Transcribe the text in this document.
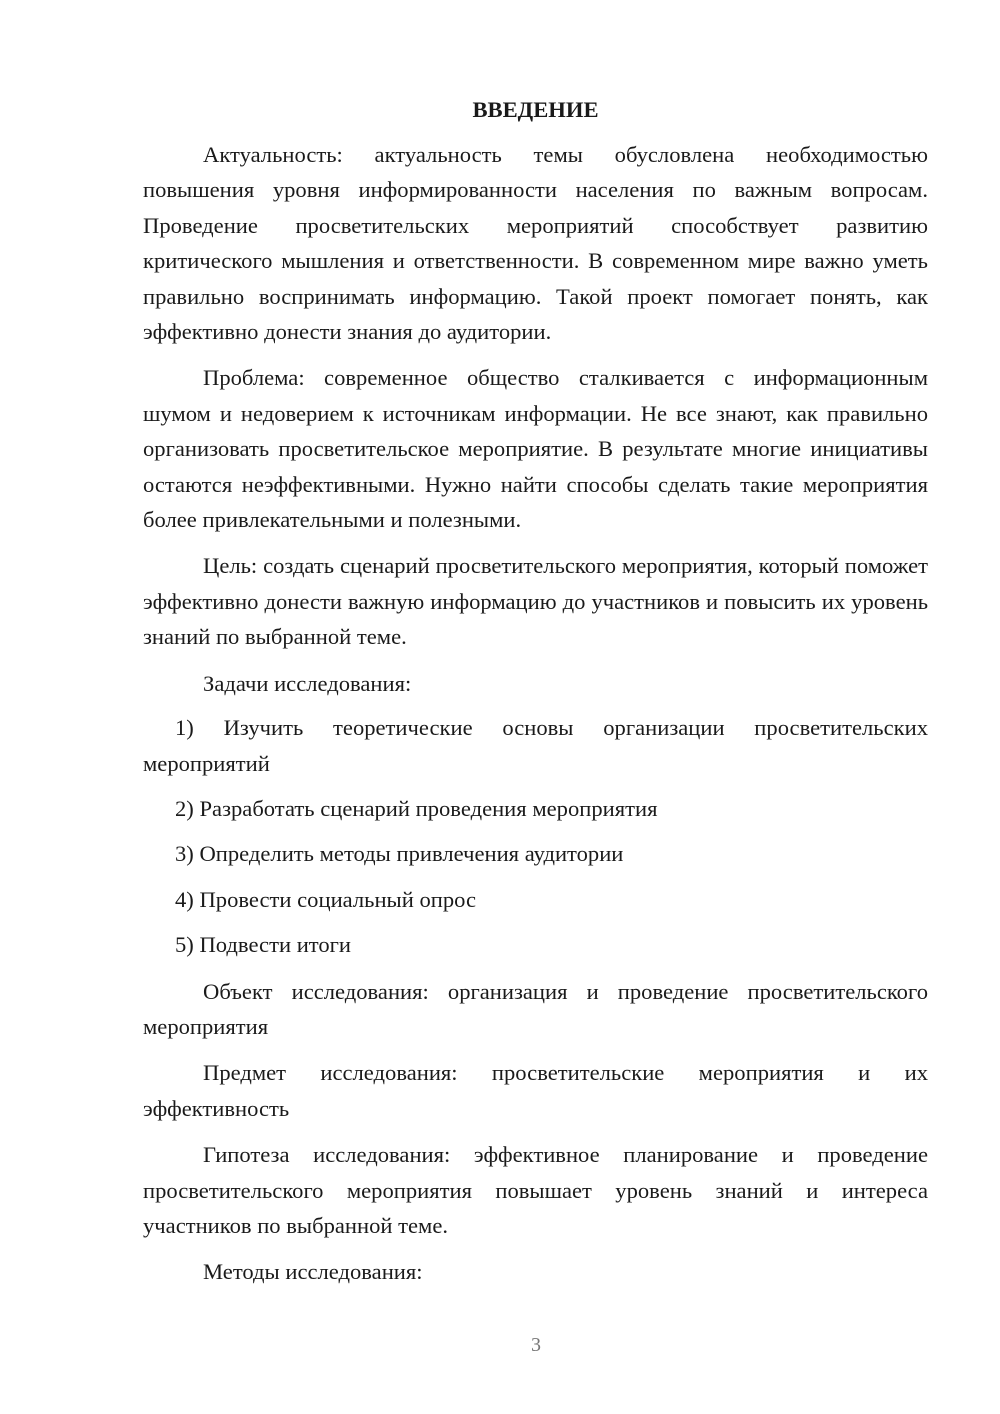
ВВЕДЕНИЕ

Актуальность: актуальность темы обусловлена необходимостью повышения уровня информированности населения по важным вопросам. Проведение просветительских мероприятий способствует развитию критического мышления и ответственности. В современном мире важно уметь правильно воспринимать информацию. Такой проект помогает понять, как эффективно донести знания до аудитории.

Проблема: современное общество сталкивается с информационным шумом и недоверием к источникам информации. Не все знают, как правильно организовать просветительское мероприятие. В результате многие инициативы остаются неэффективными. Нужно найти способы сделать такие мероприятия более привлекательными и полезными.

Цель: создать сценарий просветительского мероприятия, который поможет эффективно донести важную информацию до участников и повысить их уровень знаний по выбранной теме.

Задачи исследования:

1) Изучить теоретические основы организации просветительских мероприятий

2) Разработать сценарий проведения мероприятия

3) Определить методы привлечения аудитории

4) Провести социальный опрос

5) Подвести итоги

Объект исследования: организация и проведение просветительского мероприятия

Предмет исследования: просветительские мероприятия и их эффективность

Гипотеза исследования: эффективное планирование и проведение просветительского мероприятия повышает уровень знаний и интереса участников по выбранной теме.

Методы исследования:

3
